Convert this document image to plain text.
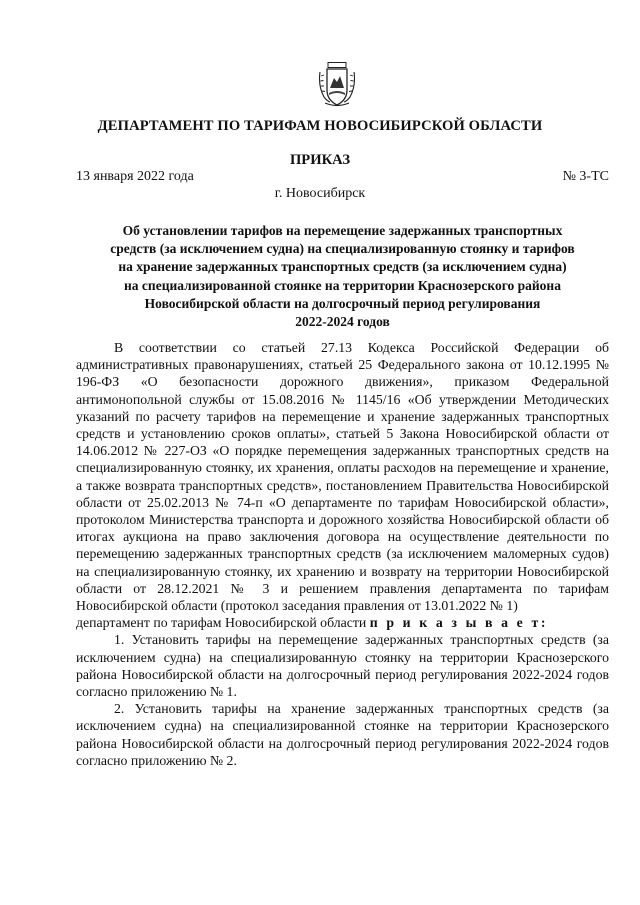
ДЕПАРТАМЕНТ ПО ТАРИФАМ НОВОСИБИРСКОЙ ОБЛАСТИ
ПРИКАЗ
13 января 2022 года	№ 3-ТС
г. Новосибирск
Об установлении тарифов на перемещение задержанных транспортных
средств (за исключением судна) на специализированную стоянку и тарифов
на хранение задержанных транспортных средств (за исключением судна)
на специализированной стоянке на территории Краснозерского района
Новосибирской области на долгосрочный период регулирования
2022-2024 годов

В соответствии со статьей 27.13 Кодекса Российской Федерации об административных правонарушениях, статьей 25 Федерального закона от 10.12.1995 № 196-ФЗ «О безопасности дорожного движения», приказом Федеральной антимонопольной службы от 15.08.2016 № 1145/16 «Об утверждении Методических указаний по расчету тарифов на перемещение и хранение задержанных транспортных средств и установлению сроков оплаты», статьей 5 Закона Новосибирской области от 14.06.2012 № 227-ОЗ «О порядке перемещения задержанных транспортных средств на специализированную стоянку, их хранения, оплаты расходов на перемещение и хранение, а также возврата транспортных средств», постановлением Правительства Новосибирской области от 25.02.2013 № 74-п «О департаменте по тарифам Новосибирской области», протоколом Министерства транспорта и дорожного хозяйства Новосибирской области об итогах аукциона на право заключения договора на осуществление деятельности по перемещению задержанных транспортных средств (за исключением маломерных судов) на специализированную стоянку, их хранению и возврату на территории Новосибирской области от 28.12.2021 № 3 и решением правления департамента по тарифам Новосибирской области (протокол заседания правления от 13.01.2022 № 1)

департамент по тарифам Новосибирской области п р и к а з ы в а е т:

1. Установить тарифы на перемещение задержанных транспортных средств (за исключением судна) на специализированную стоянку на территории Краснозерского района Новосибирской области на долгосрочный период регулирования 2022-2024 годов согласно приложению № 1.

2. Установить тарифы на хранение задержанных транспортных средств (за исключением судна) на специализированной стоянке на территории Краснозерского района Новосибирской области на долгосрочный период регулирования 2022-2024 годов согласно приложению № 2.
